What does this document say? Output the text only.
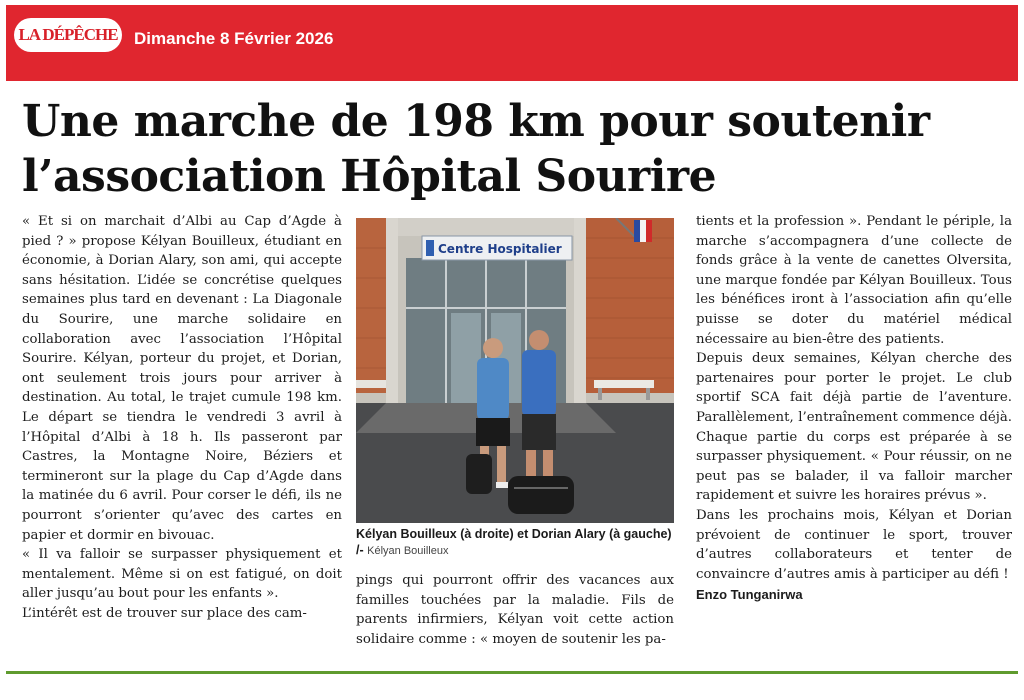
LA DÉPÊCHE Dimanche 8 Février 2026
Une marche de 198 km pour soutenir l’association Hôpital Sourire

« Et si on marchait d’Albi au Cap d’Agde à pied ? » propose Kélyan Bouilleux, étudiant en économie, à Dorian Alary, son ami, qui accepte sans hésitation. L’idée se concrétise quelques semaines plus tard en devenant : La Diagonale du Sourire, une marche solidaire en collaboration avec l’association l’Hôpital Sourire. Kélyan, porteur du projet, et Dorian, ont seulement trois jours pour arriver à destination. Au total, le trajet cumule 198 km. Le départ se tiendra le vendredi 3 avril à l’Hôpital d’Albi à 18 h. Ils passeront par Castres, la Montagne Noire, Béziers et termineront sur la plage du Cap d’Agde dans la matinée du 6 avril. Pour corser le défi, ils ne pourront s’orienter qu’avec des cartes en papier et dormir en bivouac.

« Il va falloir se surpasser physiquement et mentalement. Même si on est fatigué, on doit aller jusqu’au bout pour les enfants ».

L’intérêt est de trouver sur place des cam-

Centre Hospitalier
Kélyan Bouilleux (à droite) et Dorian Alary (à gauche) /- Kélyan Bouilleux

pings qui pourront offrir des vacances aux familles touchées par la maladie. Fils de parents infirmiers, Kélyan voit cette action solidaire comme : « moyen de soutenir les pa-

tients et la profession ». Pendant le périple, la marche s’accompagnera d’une collecte de fonds grâce à la vente de canettes Olversita, une marque fondée par Kélyan Bouilleux. Tous les bénéfices iront à l’association afin qu’elle puisse se doter du matériel médical nécessaire au bien-être des patients.

Depuis deux semaines, Kélyan cherche des partenaires pour porter le projet. Le club sportif SCA fait déjà partie de l’aventure. Parallèlement, l’entraînement commence déjà. Chaque partie du corps est préparée à se surpasser physiquement. « Pour réussir, on ne peut pas se balader, il va falloir marcher rapidement et suivre les horaires prévus ».

Dans les prochains mois, Kélyan et Dorian prévoient de continuer le sport, trouver d’autres collaborateurs et tenter de convaincre d’autres amis à participer au défi !

Enzo Tunganirwa
